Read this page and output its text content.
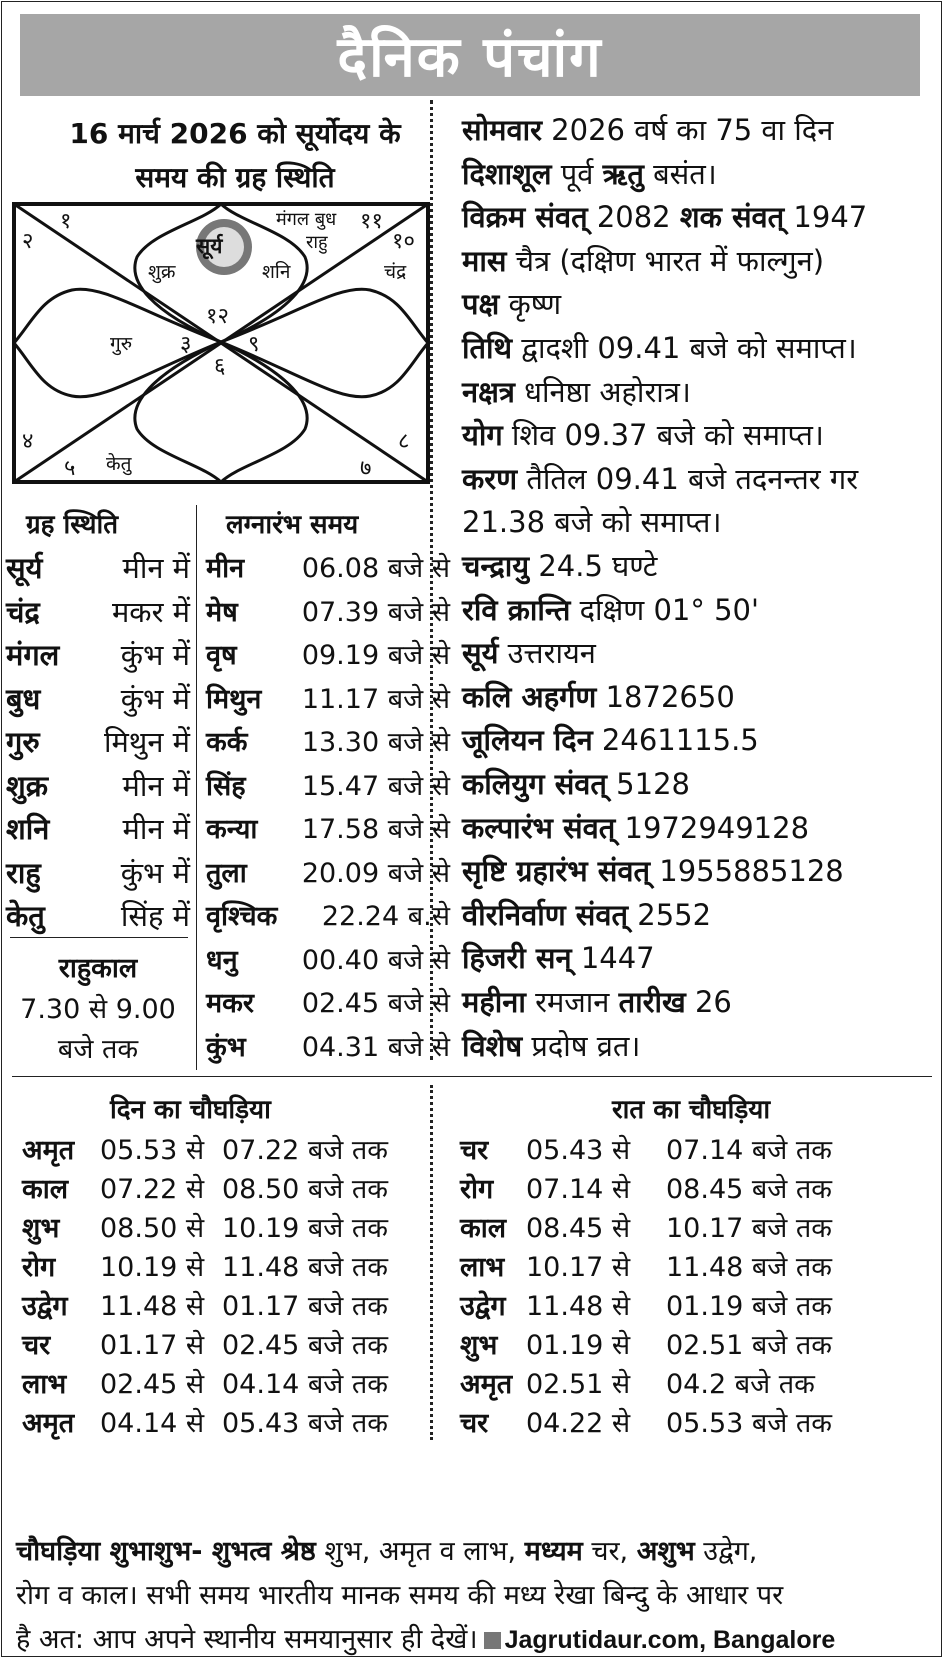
दैनिक पंचांग
16 मार्च 2026 को सूर्योदय के
समय की ग्रह स्थिति
१
२
३
४
५
६
७
८
९
१०
११
१२
सूर्य
शुक्र	शनि
मंगल बुध
राहु
चंद्र
गुरु
केतु
सोमवार 2026 वर्ष का 75 वा दिन
दिशाशूल पूर्व ऋतु बसंत।
विक्रम संवत् 2082 शक संवत् 1947
मास चैत्र (दक्षिण भारत में फाल्गुन)
पक्ष कृष्ण
तिथि द्वादशी 09.41 बजे को समाप्त।
नक्षत्र धनिष्ठा अहोरात्र।
योग शिव 09.37 बजे को समाप्त।
करण तैतिल 09.41 बजे तदनन्तर गर
21.38 बजे को समाप्त।
चन्द्रायु 24.5 घण्टे
रवि क्रान्ति दक्षिण 01° 50'
सूर्य उत्तरायन
कलि अहर्गण 1872650
जूलियन दिन 2461115.5
कलियुग संवत् 5128
कल्पारंभ संवत् 1972949128
सृष्टि ग्रहारंभ संवत् 1955885128
वीरनिर्वाण संवत् 2552
हिजरी सन् 1447
महीना रमजान तारीख 26
विशेष प्रदोष व्रत।
ग्रह स्थिति
सूर्य	मीन में
चंद्र मकर में
मंगल कुंभ में
बुध	कुंभ में
गुरु मिथुन में
शुक्र	मीन में
शनि	मीन में
राहु	कुंभ में
केतु	सिंह में
राहुकाल
7.30 से 9.00
बजे तक
लग्नारंभ समय
मीन 06.08 बजे से
मेष 07.39 बजे से
वृष 09.19 बजे से
मिथुन 11.17 बजे से
कर्क 13.30 बजे से
सिंह 15.47 बजे से
कन्या 17.58 बजे से
तुला 20.09 बजे से
वृश्चिक 22.24 ब.से
धनु 00.40 बजे से
मकर 02.45 बजे से
कुंभ 04.31 बजे से
दिन का चौघड़िया	रात का चौघड़िया
अमृत 05.53 से 07.22 बजे तक
काल 07.22 से 08.50 बजे तक
शुभ 08.50 से 10.19 बजे तक
रोग 10.19 से 11.48 बजे तक
उद्वेग 11.48 से 01.17 बजे तक
चर 01.17 से 02.45 बजे तक
लाभ 02.45 से 04.14 बजे तक
अमृत 04.14 से 05.43 बजे तक
चर 05.43 से 07.14 बजे तक
रोग 07.14 से 08.45 बजे तक
काल 08.45 से 10.17 बजे तक
लाभ 10.17 से 11.48 बजे तक
उद्वेग 11.48 से 01.19 बजे तक
शुभ 01.19 से 02.51 बजे तक
अमृत 02.51 से 04.2 बजे तक
चर 04.22 से 05.53 बजे तक
चौघड़िया शुभाशुभ- शुभत्व श्रेष्ठ शुभ, अमृत व लाभ, मध्यम चर, अशुभ उद्वेग,
रोग व काल। सभी समय भारतीय मानक समय की मध्य रेखा बिन्दु के आधार पर
है अत: आप अपने स्थानीय समयानुसार ही देखें। Jagrutidaur.com, Bangalore
